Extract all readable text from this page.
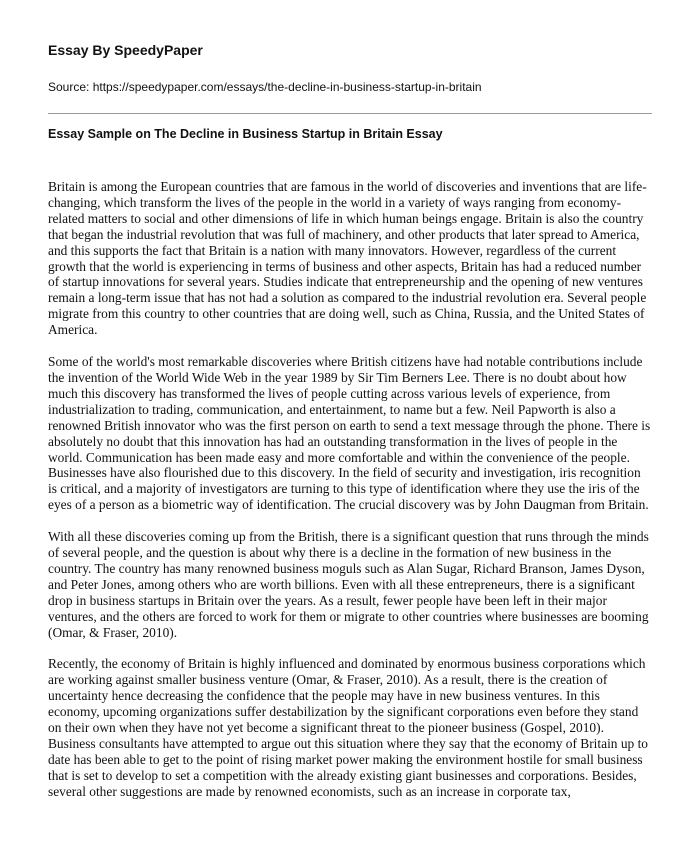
Essay By SpeedyPaper
Source: https://speedypaper.com/essays/the-decline-in-business-startup-in-britain
Essay Sample on The Decline in Business Startup in Britain Essay

Britain is among the European countries that are famous in the world of discoveries and inventions that are life-changing, which transform the lives of the people in the world in a variety of ways ranging from economy-related matters to social and other dimensions of life in which human beings engage. Britain is also the country that began the industrial revolution that was full of machinery, and other products that later spread to America, and this supports the fact that Britain is a nation with many innovators. However, regardless of the current growth that the world is experiencing in terms of business and other aspects, Britain has had a reduced number of startup innovations for several years. Studies indicate that entrepreneurship and the opening of new ventures remain a long-term issue that has not had a solution as compared to the industrial revolution era. Several people migrate from this country to other countries that are doing well, such as China, Russia, and the United States of America.

Some of the world's most remarkable discoveries where British citizens have had notable contributions include the invention of the World Wide Web in the year 1989 by Sir Tim Berners Lee. There is no doubt about how much this discovery has transformed the lives of people cutting across various levels of experience, from industrialization to trading, communication, and entertainment, to name but a few. Neil Papworth is also a renowned British innovator who was the first person on earth to send a text message through the phone. There is absolutely no doubt that this innovation has had an outstanding transformation in the lives of people in the world. Communication has been made easy and more comfortable and within the convenience of the people. Businesses have also flourished due to this discovery. In the field of security and investigation, iris recognition is critical, and a majority of investigators are turning to this type of identification where they use the iris of the eyes of a person as a biometric way of identification. The crucial discovery was by John Daugman from Britain.

With all these discoveries coming up from the British, there is a significant question that runs through the minds of several people, and the question is about why there is a decline in the formation of new business in the country. The country has many renowned business moguls such as Alan Sugar, Richard Branson, James Dyson, and Peter Jones, among others who are worth billions. Even with all these entrepreneurs, there is a significant drop in business startups in Britain over the years. As a result, fewer people have been left in their major ventures, and the others are forced to work for them or migrate to other countries where businesses are booming (Omar, & Fraser, 2010).

Recently, the economy of Britain is highly influenced and dominated by enormous business corporations which are working against smaller business venture (Omar, & Fraser, 2010). As a result, there is the creation of uncertainty hence decreasing the confidence that the people may have in new business ventures. In this economy, upcoming organizations suffer destabilization by the significant corporations even before they stand on their own when they have not yet become a significant threat to the pioneer business (Gospel, 2010). Business consultants have attempted to argue out this situation where they say that the economy of Britain up to date has been able to get to the point of rising market power making the environment hostile for small business that is set to develop to set a competition with the already existing giant businesses and corporations. Besides, several other suggestions are made by renowned economists, such as an increase in corporate tax,
